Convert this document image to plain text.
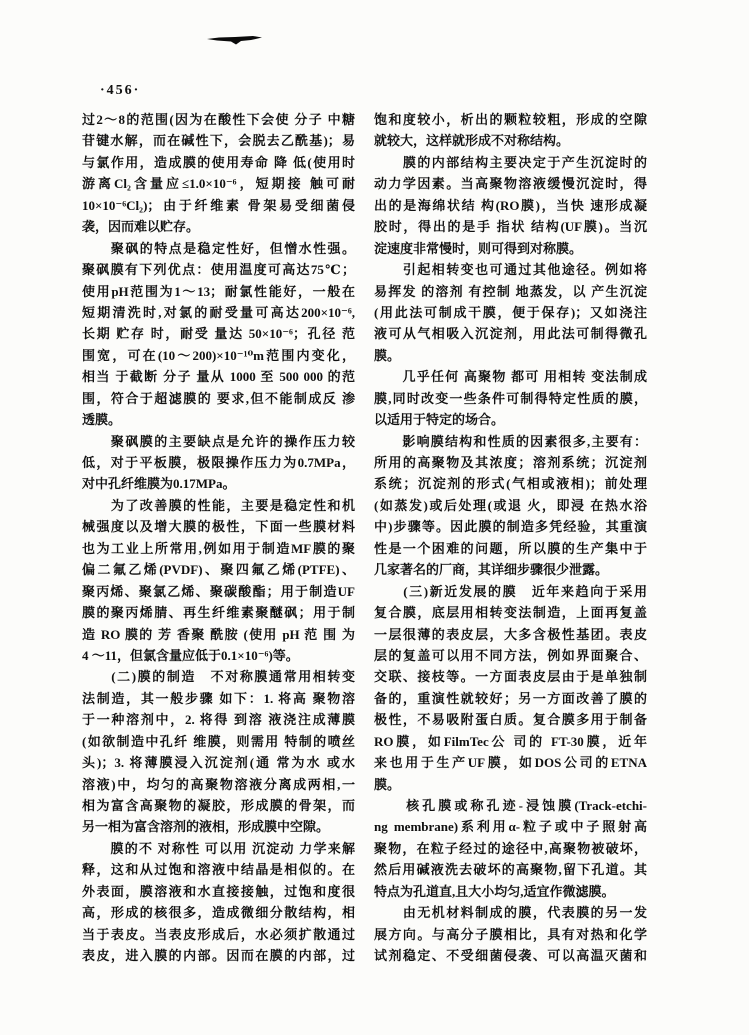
·456·
过2～8的范围(因为在酸性下会使 分子 中糖
苷键水解，而在碱性下，会脱去乙酰基)；易
与氯作用，造成膜的使用寿命 降 低(使用时
游离Cl₂含量应≤1.0×10⁻⁶，短期接 触可耐
10×10⁻⁶Cl₂)；由于纤维素 骨架易受细菌侵
袭，因而难以贮存。
　　聚砜的特点是稳定性好，但憎水性强。
聚砜膜有下列优点：使用温度可高达75℃；
使用pH范围为1～13；耐氯性能好，一般在
短期清洗时,对氯的耐受量可高达200×10⁻⁶,
长期 贮存 时，耐受 量达 50×10⁻⁶；孔径 范
围宽，可在(10～200)×10⁻¹⁰m范围内变化，
相当 于截断 分子 量从 1000 至 500 000 的范
围，符合于超滤膜的 要求,但不能制成反 渗
透膜。
　　聚砜膜的主要缺点是允许的操作压力较
低，对于平板膜，极限操作压力为0.7MPa，
对中孔纤维膜为0.17MPa。
　　为了改善膜的性能，主要是稳定性和机
械强度以及增大膜的极性，下面一些膜材料
也为工业上所常用,例如用于制造MF膜的聚
偏二氟乙烯(PVDF)、聚四氟乙烯(PTFE)、
聚丙烯、聚氯乙烯、聚碳酸酯；用于制造UF
膜的聚丙烯腈、再生纤维素聚醚砜；用于制
造 RO 膜的 芳 香聚 酰胺 (使用 pH 范 围 为
4 ～11，但氯含量应低于0.1×10⁻⁶)等。
　　(二)膜的制造　不对称膜通常用相转变
法制造，其一般步骤 如下：1. 将高 聚物溶
于一种溶剂中，2. 将得 到溶 液浇注成薄膜
(如欲制造中孔纤 维膜，则需用 特制的喷丝
头)；3. 将薄膜浸入沉淀剂(通 常为水 或水
溶液)中，均匀的高聚物溶液分离成两相,一
相为富含高聚物的凝胶，形成膜的骨架，而
另一相为富含溶剂的液相，形成膜中空隙。
　　膜的不 对称性 可以用 沉淀动 力学来解
释，这和从过饱和溶液中结晶是相似的。在
外表面，膜溶液和水直接接触，过饱和度很
高，形成的核很多，造成微细分散结构，相
当于表皮。当表皮形成后，水必须扩散通过
表皮，进入膜的内部。因而在膜的内部，过
饱和度较小，析出的颗粒较粗，形成的空隙
就较大，这样就形成不对称结构。
　　膜的内部结构主要决定于产生沉淀时的
动力学因素。当高聚物溶液缓慢沉淀时，得
出的是海绵状结 构(RO膜)，当快 速形成凝
胶时，得出的是手 指状 结构(UF膜)。当沉
淀速度非常慢时，则可得到对称膜。
　　引起相转变也可通过其他途径。例如将
易挥发 的溶剂 有控制 地蒸发，以 产生沉淀
(用此法可制成干膜，便于保存)；又如浇注
液可从气相吸入沉淀剂，用此法可制得微孔
膜。
　　几乎任何 高聚物 都可 用相转 变法制成
膜,同时改变一些条件可制得特定性质的膜，
以适用于特定的场合。
　　影响膜结构和性质的因素很多,主要有：
所用的高聚物及其浓度；溶剂系统；沉淀剂
系统；沉淀剂的形式(气相或液相)；前处理
(如蒸发)或后处理(或退 火，即浸 在热水浴
中)步骤等。因此膜的制造多凭经验，其重演
性是一个困难的问题，所以膜的生产集中于
几家著名的厂商，其详细步骤很少泄露。
　　(三)新近发展的膜　近年来趋向于采用
复合膜，底层用相转变法制造，上面再复盖
一层很薄的表皮层，大多含极性基团。表皮
层的复盖可以用不同方法，例如界面聚合、
交联、接枝等。一方面表皮层由于是单独制
备的，重演性就较好；另一方面改善了膜的
极性，不易吸附蛋白质。复合膜多用于制备
RO膜，如FilmTec公 司的 FT-30膜，近年
来也用于生产UF膜，如DOS公司的ETNA
膜。
　　核孔膜或称孔迹-浸蚀膜(Track-etchi-
ng membrane)系利用α-粒子或中子照射高
聚物，在粒子经过的途径中,高聚物被破坏，
然后用碱液洗去破坏的高聚物,留下孔道。其
特点为孔道直,且大小均匀,适宜作微滤膜。
　　由无机材料制成的膜，代表膜的另一发
展方向。与高分子膜相比，具有对热和化学
试剂稳定、不受细菌侵袭、可以高温灭菌和
